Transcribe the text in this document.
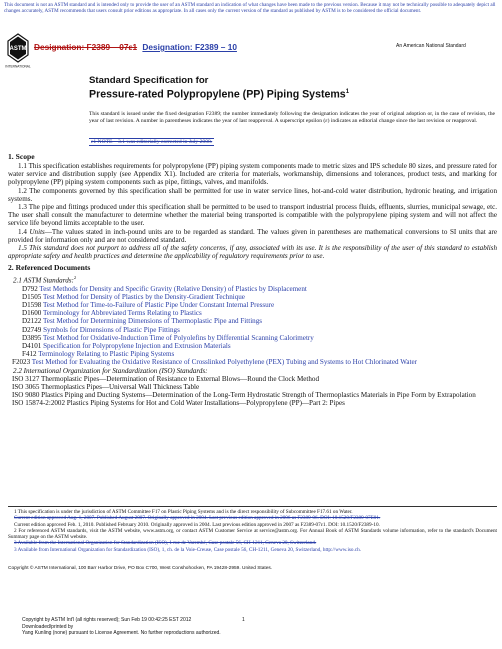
This document is not an ASTM standard and is intended only to provide the user of an ASTM standard an indication of what changes have been made to the previous version. Because it may not be technically possible to adequately depict all changes accurately, ASTM recommends that users consult prior editions as appropriate. In all cases only the current version of the standard as published by ASTM is to be considered the official document.
ASTM
INTERNATIONAL
Designation: F2389 – 07ε1 Designation: F2389 – 10	An American National Standard
Standard Specification for
Pressure-rated Polypropylene (PP) Piping Systems$^1$
This standard is issued under the fixed designation F2389; the number immediately following the designation indicates the year of original adoption or, in the case of revision, the year of last revision. A number in parentheses indicates the year of last reapproval. A superscript epsilon (ε) indicates an editorial change since the last revision or reapproval.
ε1 NOTE—3.1 was editorially corrected in July 2008.
1. Scope

1.1 This specification establishes requirements for polypropylene (PP) piping system components made to metric sizes and IPS schedule 80 sizes, and pressure rated for water service and distribution supply (see Appendix X1). Included are criteria for materials, workmanship, dimensions and tolerances, product tests, and marking for polypropylene (PP) piping system components such as pipe, fittings, valves, and manifolds.

1.2 The components governed by this specification shall be permitted for use in water service lines, hot-and-cold water distribution, hydronic heating, and irrigation systems.

1.3 The pipe and fittings produced under this specification shall be permitted to be used to transport industrial process fluids, effluents, slurries, municipal sewage, etc. The user shall consult the manufacturer to determine whether the material being transported is compatible with the polypropylene piping system and will not affect the service life beyond limits acceptable to the user.

1.4 Units—The values stated in inch-pound units are to be regarded as standard. The values given in parentheses are mathematical conversions to SI units that are provided for information only and are not considered standard.

1.5 This standard does not purport to address all of the safety concerns, if any, associated with its use. It is the responsibility of the user of this standard to establish appropriate safety and health practices and determine the applicability of regulatory requirements prior to use.

2. Referenced Documents

2.1 ASTM Standards:$^2$

D792 Test Methods for Density and Specific Gravity (Relative Density) of Plastics by Displacement

D1505 Test Method for Density of Plastics by the Density-Gradient Technique

D1598 Test Method for Time-to-Failure of Plastic Pipe Under Constant Internal Pressure

D1600 Terminology for Abbreviated Terms Relating to Plastics

D2122 Test Method for Determining Dimensions of Thermoplastic Pipe and Fittings

D2749 Symbols for Dimensions of Plastic Pipe Fittings

D3895 Test Method for Oxidative-Induction Time of Polyolefins by Differential Scanning Calorimetry

D4101 Specification for Polypropylene Injection and Extrusion Materials

F412 Terminology Relating to Plastic Piping Systems

F2023 Test Method for Evaluating the Oxidative Resistance of Crosslinked Polyethylene (PEX) Tubing and Systems to Hot Chlorinated Water

2.2 International Organization for Standardization (ISO) Standards:

ISO 3127 Thermoplastic Pipes—Determination of Resistance to External Blows—Round the Clock Method

ISO 3065 Thermoplastics Pipes—Universal Wall Thickness Table

ISO 9080 Plastics Piping and Ducting Systems—Determination of the Long-Term Hydrostatic Strength of Thermoplastics Materials in Pipe Form by Extrapolation

ISO 15874-2:2002 Plastics Piping Systems for Hot and Cold Water Installations—Polypropylene (PP)—Part 2: Pipes

1 This specification is under the jurisdiction of ASTM Committee F17 on Plastic Piping Systems and is the direct responsibility of Subcommittee F17.61 on Water.

Current edition approved Aug. 1, 2007. Published August 2007. Originally approved in 2004. Last previous edition approved in 2006 as F2389-06. DOI: 10.1520/F2389-07E01.

Current edition approved Feb. 1, 2010. Published February 2010. Originally approved in 2004. Last previous edition approved in 2007 as F2389-07ε1. DOI: 10.1520/F2389-10.

2 For referenced ASTM standards, visit the ASTM website, www.astm.org, or contact ASTM Customer Service at service@astm.org. For Annual Book of ASTM Standards volume information, refer to the standard's Document Summary page on the ASTM website.

3 Available from the International Organization for Standardization (ISO), 1 rue de Varembé, Case postale 56, CH-1211, Geneva 20, Switzerland.

3 Available from International Organization for Standardization (ISO), 1, ch. de la Voie-Creuse, Case postale 56, CH-1211, Geneva 20, Switzerland, http://www.iso.ch.

Copyright © ASTM International, 100 Barr Harbor Drive, PO Box C700, West Conshohocken, PA 19428-2959. United States.
Copyright by ASTM Int'l (all rights reserved); Sun Feb 19 00:42:25 EST 2012
Downloaded/printed by
Yang Kunling (none) pursuant to License Agreement. No further reproductions authorized.
1
